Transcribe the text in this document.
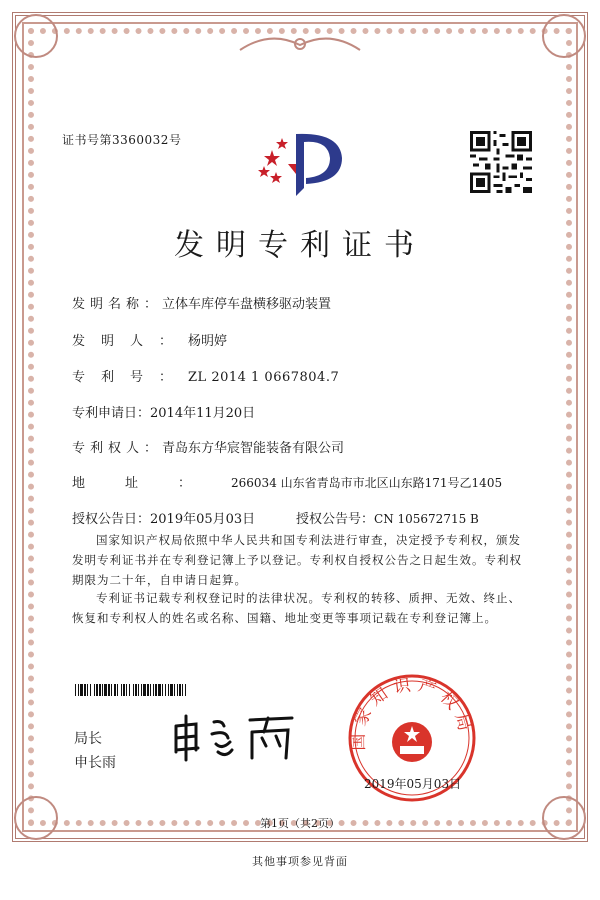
证书号第3360032号
发明专利证书
发明名称：立体车库停车盘横移驱动装置
发明人：杨明婷
专利号：ZL 2014 1 0667804.7
专利申请日：2014年11月20日
专利权人：青岛东方华宸智能装备有限公司
地址：266034 山东省青岛市市北区山东路171号乙1405
授权公告日：2019年05月03日	授权公告号：CN 105672715 B
国家知识产权局依照中华人民共和国专利法进行审查，决定授予专利权，颁发发明专利证书并在专利登记簿上予以登记。专利权自授权公告之日起生效。专利权期限为二十年，自申请日起算。
专利证书记载专利权登记时的法律状况。专利权的转移、质押、无效、终止、恢复和专利权人的姓名或名称、国籍、地址变更等事项记载在专利登记簿上。
局长
申长雨
国家知识产权局
2019年05月03日
第1页（共2页）
其他事项参见背面
